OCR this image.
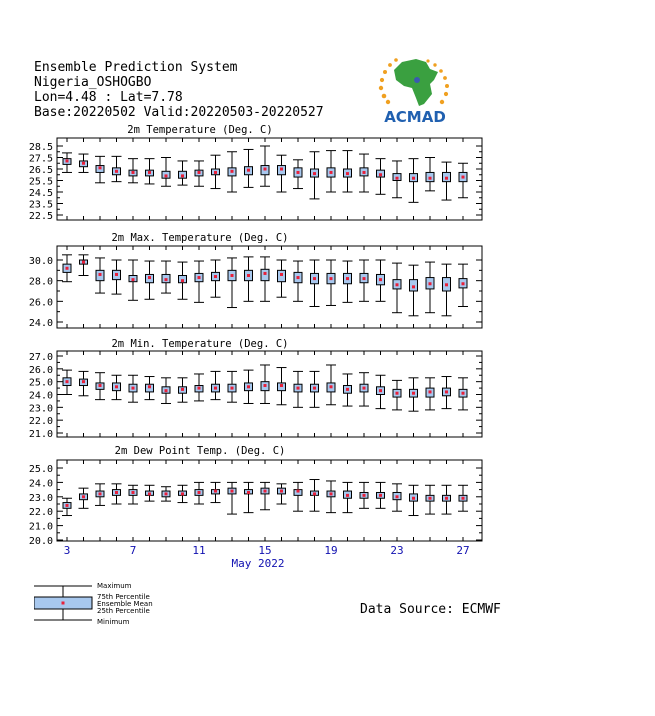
Ensemble Prediction System
Nigeria_OSHOGBO
Lon=4.48 : Lat=7.78
Base:20220502 Valid:20220503-20220527	ACMAD
2m Temperature (Deg. C)
28.5
27.5
26.5
25.5
24.5
23.5
22.5
2m Max. Temperature (Deg. C)
30.0
28.0
26.0
24.0
2m Min. Temperature (Deg. C)
27.0
26.0
25.0
24.0
23.0
22.0
21.0
2m Dew Point Temp. (Deg. C)
25.0
24.0
23.0
22.0
21.0
20.0
3	7	11	15	19	23	27
May 2022
Maximum
75th Percentile
Ensemble Mean
25th Percentile
Minimum
Data Source: ECMWF
